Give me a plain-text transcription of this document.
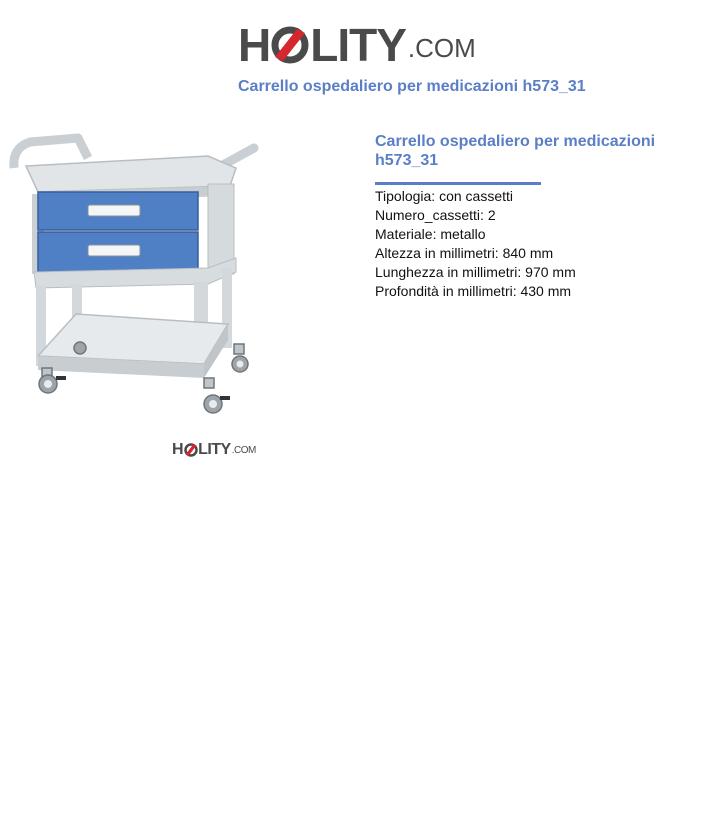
H LITY .COM
Carrello ospedaliero per medicazioni h573_31
H LITY .COM
Carrello ospedaliero per medicazioni h573_31
Tipologia: con cassetti
Numero_cassetti: 2
Materiale: metallo
Altezza in millimetri: 840 mm
Lunghezza in millimetri: 970 mm
Profondità in millimetri: 430 mm
